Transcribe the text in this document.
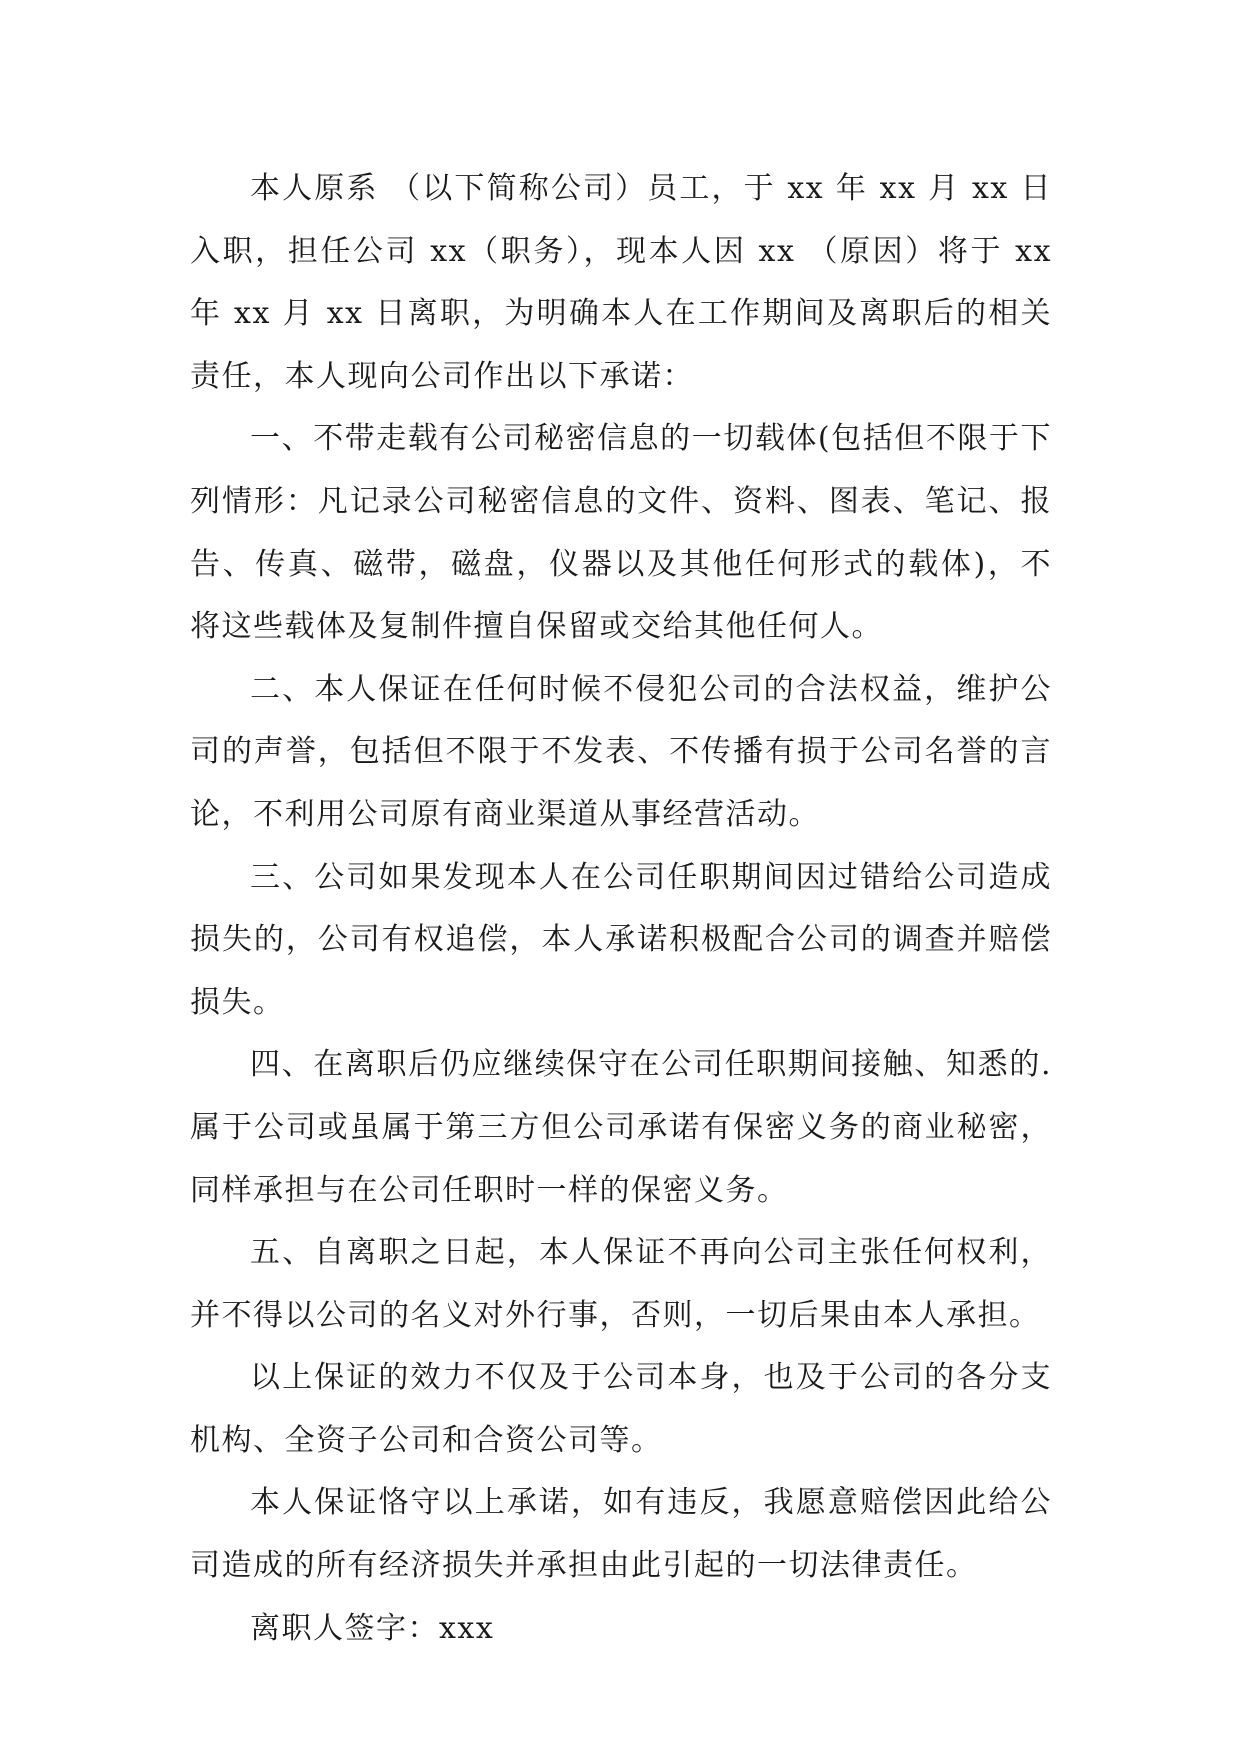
本人原系 （以下简称公司）员工，于 xx 年 xx 月 xx 日入职，担任公司 xx（职务），现本人因 xx （原因）将于 xx 年 xx 月 xx 日离职，为明确本人在工作期间及离职后的相关责任，本人现向公司作出以下承诺：

一、不带走载有公司秘密信息的一切载体(包括但不限于下列情形：凡记录公司秘密信息的文件、资料、图表、笔记、报告、传真、磁带，磁盘，仪器以及其他任何形式的载体)，不将这些载体及复制件擅自保留或交给其他任何人。

二、本人保证在任何时候不侵犯公司的合法权益，维护公司的声誉，包括但不限于不发表、不传播有损于公司名誉的言论，不利用公司原有商业渠道从事经营活动。

三、公司如果发现本人在公司任职期间因过错给公司造成损失的，公司有权追偿，本人承诺积极配合公司的调查并赔偿损失。

四、在离职后仍应继续保守在公司任职期间接触、知悉的.属于公司或虽属于第三方但公司承诺有保密义务的商业秘密，同样承担与在公司任职时一样的保密义务。

五、自离职之日起，本人保证不再向公司主张任何权利，并不得以公司的名义对外行事，否则，一切后果由本人承担。

以上保证的效力不仅及于公司本身，也及于公司的各分支机构、全资子公司和合资公司等。

本人保证恪守以上承诺，如有违反，我愿意赔偿因此给公司造成的所有经济损失并承担由此引起的一切法律责任。

离职人签字：xxx
